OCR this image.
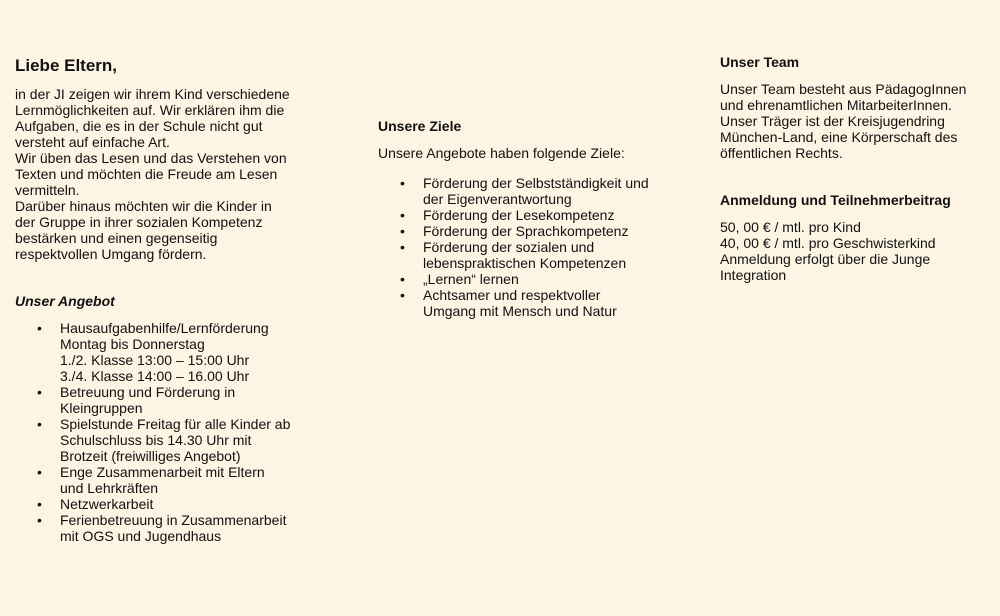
Liebe Eltern,

in der JI zeigen wir ihrem Kind verschiedene
Lernmöglichkeiten auf. Wir erklären ihm die
Aufgaben, die es in der Schule nicht gut
versteht auf einfache Art.
Wir üben das Lesen und das Verstehen von
Texten und möchten die Freude am Lesen
vermitteln.
Darüber hinaus möchten wir die Kinder in
der Gruppe in ihrer sozialen Kompetenz
bestärken und einen gegenseitig
respektvollen Umgang fördern.

Unser Angebot
• Hausaufgabenhilfe/Lernförderung
Montag bis Donnerstag
1./2. Klasse 13:00 – 15:00 Uhr
3./4. Klasse 14:00 – 16.00 Uhr
• Betreuung und Förderung in
Kleingruppen
• Spielstunde Freitag für alle Kinder ab
Schulschluss bis 14.30 Uhr mit
Brotzeit (freiwilliges Angebot)
• Enge Zusammenarbeit mit Eltern
und Lehrkräften
• Netzwerkarbeit
• Ferienbetreuung in Zusammenarbeit
mit OGS und Jugendhaus
Unsere Ziele

Unsere Angebote haben folgende Ziele:

• Förderung der Selbstständigkeit und
der Eigenverantwortung
• Förderung der Lesekompetenz
• Förderung der Sprachkompetenz
• Förderung der sozialen und
lebenspraktischen Kompetenzen
• „Lernen“ lernen
• Achtsamer und respektvoller
Umgang mit Mensch und Natur
Unser Team

Unser Team besteht aus PädagogInnen
und ehrenamtlichen MitarbeiterInnen.
Unser Träger ist der Kreisjugendring
München-Land, eine Körperschaft des
öffentlichen Rechts.

Anmeldung und Teilnehmerbeitrag

50, 00 € / mtl. pro Kind
40, 00 € / mtl. pro Geschwisterkind
Anmeldung erfolgt über die Junge
Integration
